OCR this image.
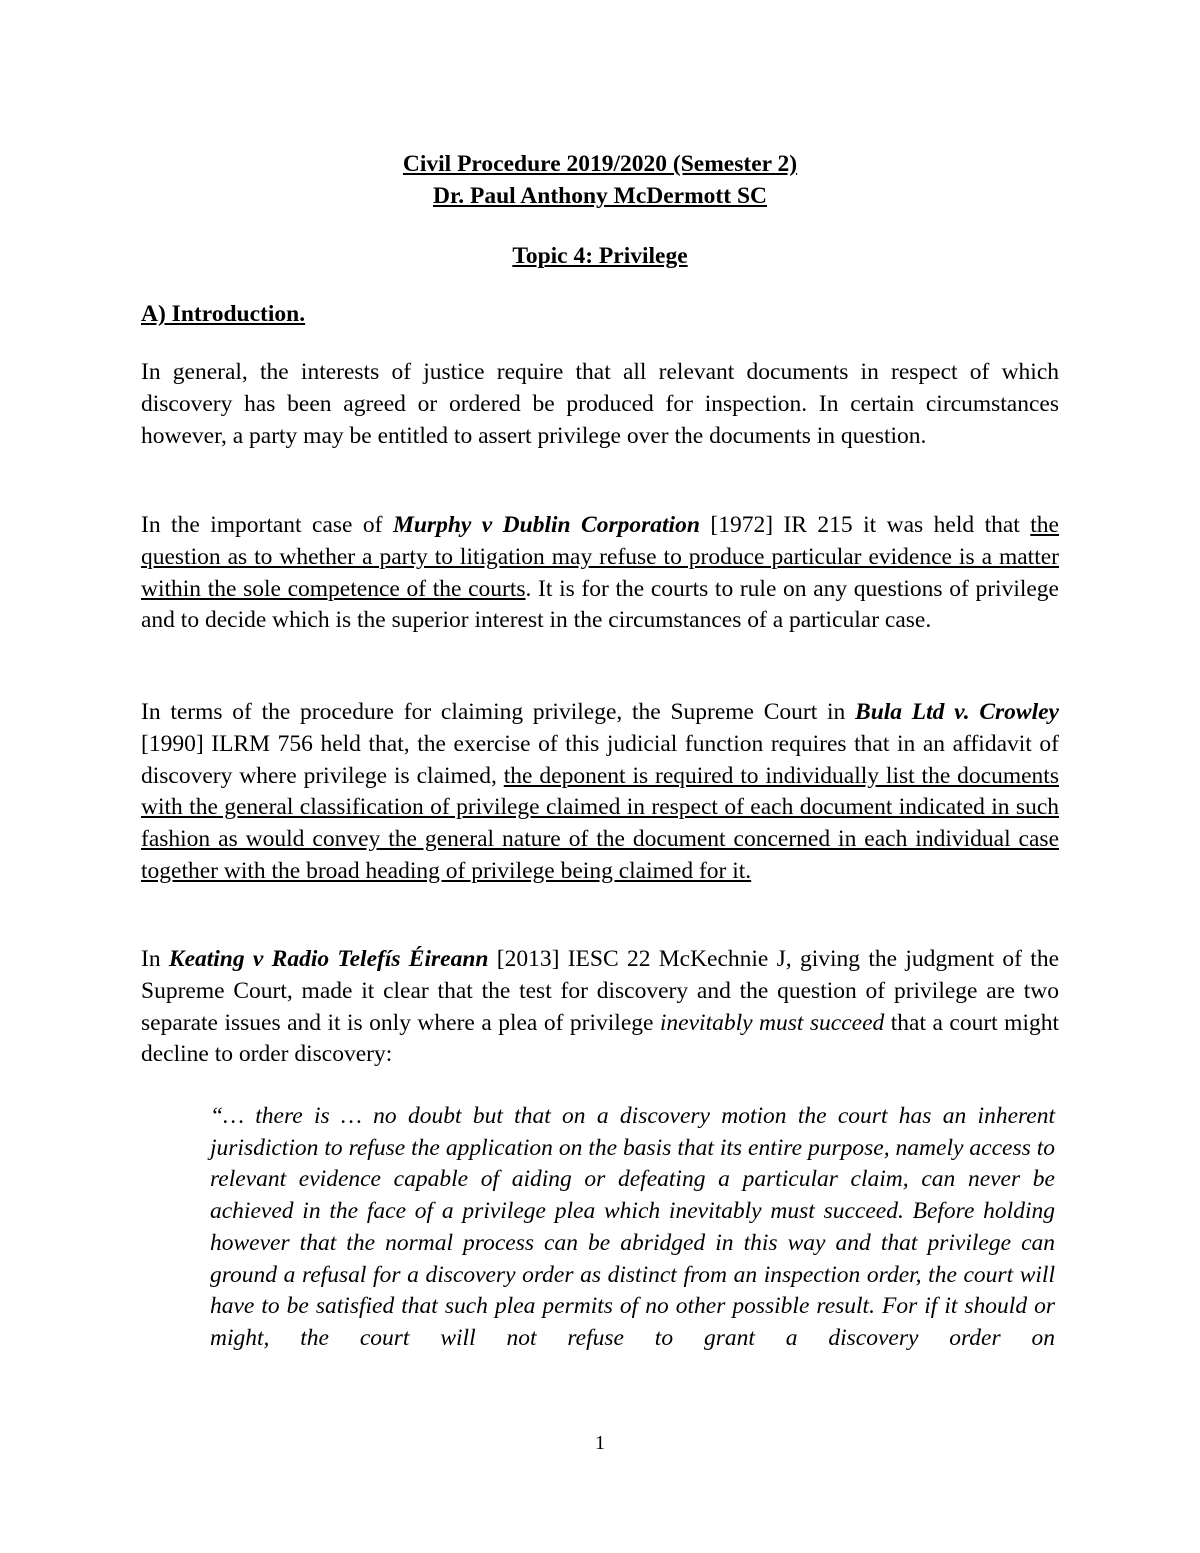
Civil Procedure 2019/2020 (Semester 2)

Dr. Paul Anthony McDermott SC

Topic 4: Privilege

A) Introduction.

In general, the interests of justice require that all relevant documents in respect of which discovery has been agreed or ordered be produced for inspection. In certain circumstances however, a party may be entitled to assert privilege over the documents in question.

In the important case of Murphy v Dublin Corporation [1972] IR 215 it was held that the question as to whether a party to litigation may refuse to produce particular evidence is a matter within the sole competence of the courts. It is for the courts to rule on any questions of privilege and to decide which is the superior interest in the circumstances of a particular case.

In terms of the procedure for claiming privilege, the Supreme Court in Bula Ltd v. Crowley [1990] ILRM 756 held that, the exercise of this judicial function requires that in an affidavit of discovery where privilege is claimed, the deponent is required to individually list the documents with the general classification of privilege claimed in respect of each document indicated in such fashion as would convey the general nature of the document concerned in each individual case together with the broad heading of privilege being claimed for it.

In Keating v Radio Telefís Éireann [2013] IESC 22 McKechnie J, giving the judgment of the Supreme Court, made it clear that the test for discovery and the question of privilege are two separate issues and it is only where a plea of privilege inevitably must succeed that a court might decline to order discovery:

“… there is … no doubt but that on a discovery motion the court has an inherent jurisdiction to refuse the application on the basis that its entire purpose, namely access to relevant evidence capable of aiding or defeating a particular claim, can never be achieved in the face of a privilege plea which inevitably must succeed. Before holding however that the normal process can be abridged in this way and that privilege can ground a refusal for a discovery order as distinct from an inspection order, the court will have to be satisfied that such plea permits of no other possible result. For if it should or might, the court will not refuse to grant a discovery order on

1
